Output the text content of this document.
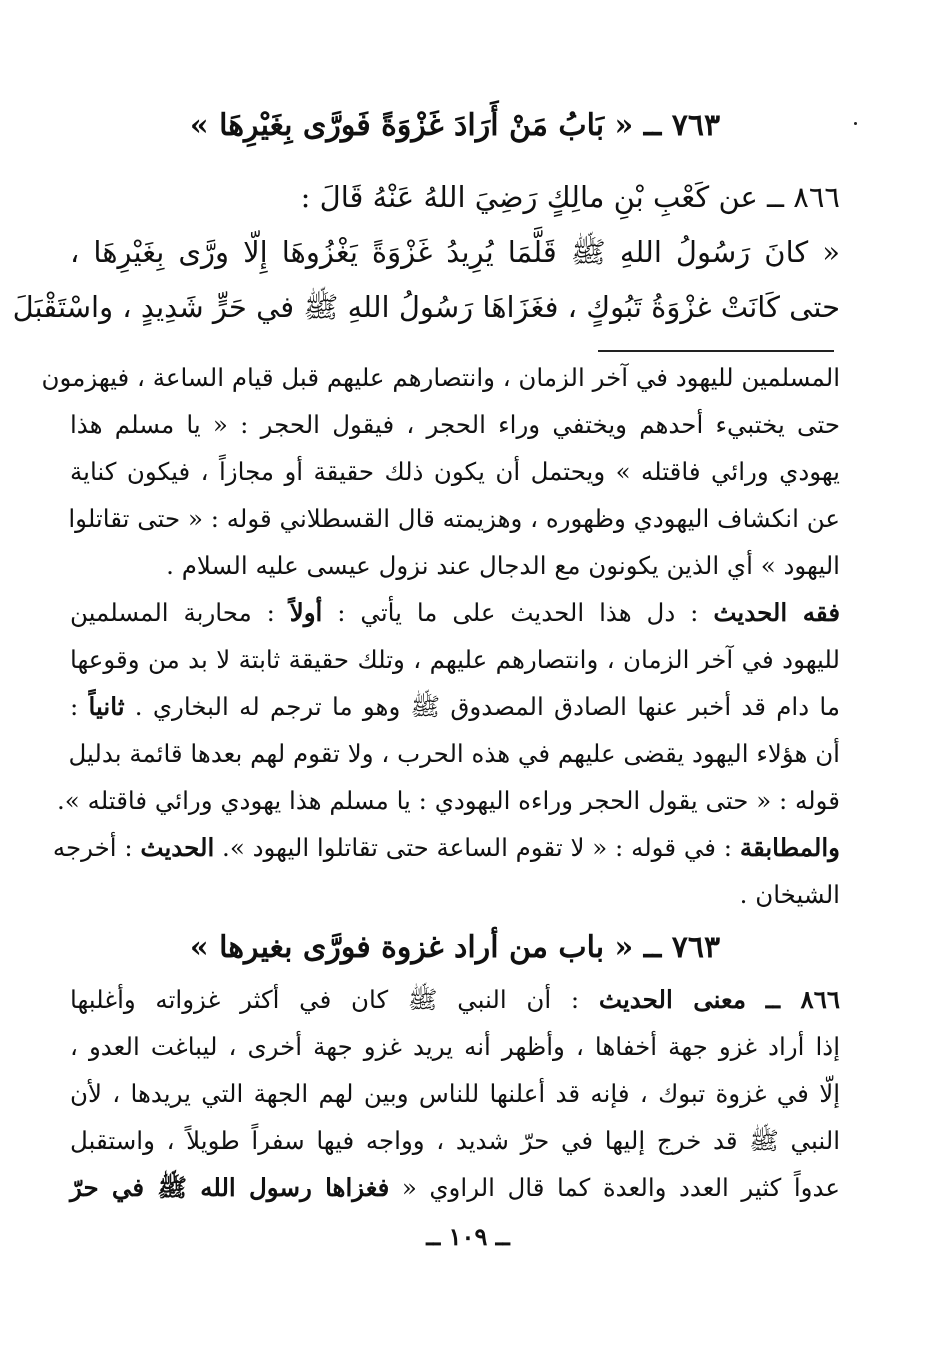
٧٦٣ ــ « بَابُ مَنْ أَرَادَ غَزْوَةً فَورَّى بِغَيْرِهَا »
٨٦٦ ــ عن كَعْبِ بْنِ مالِكٍ رَضِيَ اللهُ عَنْهُ قَالَ :
« كانَ رَسُولُ اللهِ ﷺ قَلَّمَا يُرِيدُ غَزْوَةً يَغْزُوهَا إِلّا ورَّى بِغَيْرِهَا ،
حتى كَانَتْ غزْوَةُ تَبُوكٍ ، فغَزَاهَا رَسُولُ اللهِ ﷺ في حَرٍّ شَدِيدٍ ، واسْتَقْبَلَ
المسلمين لليهود في آخر الزمان ، وانتصارهم عليهم قبل قيام الساعة ، فيهزمون
حتى يختبيء أحدهم ويختفي وراء الحجر ، فيقول الحجر : « يا مسلم هذا
يهودي ورائي فاقتله » ويحتمل أن يكون ذلك حقيقة أو مجازاً ، فيكون كناية
عن انكشاف اليهودي وظهوره ، وهزيمته قال القسطلاني قوله : « حتى تقاتلوا
اليهود » أي الذين يكونون مع الدجال عند نزول عيسى عليه السلام .
فقه الحديث : دل هذا الحديث على ما يأتي : أولاً : محاربة المسلمين
لليهود في آخر الزمان ، وانتصارهم عليهم ، وتلك حقيقة ثابتة لا بد من وقوعها
ما دام قد أخبر عنها الصادق المصدوق ﷺ وهو ما ترجم له البخاري . ثانياً :
أن هؤلاء اليهود يقضى عليهم في هذه الحرب ، ولا تقوم لهم بعدها قائمة بدليل
قوله : « حتى يقول الحجر وراءه اليهودي : يا مسلم هذا يهودي ورائي فاقتله ».
والمطابقة : في قوله : « لا تقوم الساعة حتى تقاتلوا اليهود ». الحديث : أخرجه
الشيخان .
٧٦٣ ــ « باب من أراد غزوة فورَّى بغيرها »
٨٦٦ ــ معنى الحديث : أن النبي ﷺ كان في أكثر غزواته وأغلبها
إذا أراد غزو جهة أخفاها ، وأظهر أنه يريد غزو جهة أخرى ، ليباغت العدو ،
إلّا في غزوة تبوك ، فإنه قد أعلنها للناس وبين لهم الجهة التي يريدها ، لأن
النبي ﷺ قد خرج إليها في حرّ شديد ، وواجه فيها سفراً طويلاً ، واستقبل
عدواً كثير العدد والعدة كما قال الراوي « فغزاها رسول الله ﷺ في حرّ
ــ ١٠٩ ــ
